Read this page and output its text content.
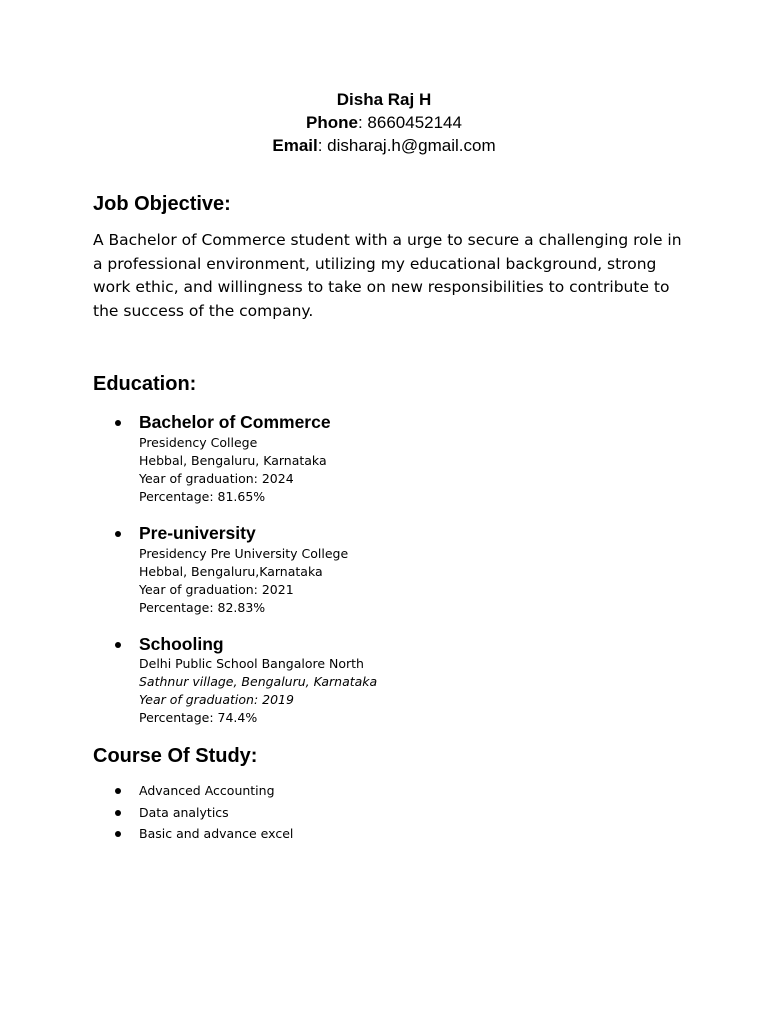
Disha Raj H
Phone: 8660452144
Email: disharaj.h@gmail.com
Job Objective:

A Bachelor of Commerce student with a urge to secure a challenging role in a professional environment, utilizing my educational background, strong work ethic, and willingness to take on new responsibilities to contribute to the success of the company.

Education:
Bachelor of Commerce
Presidency College
Hebbal, Bengaluru, Karnataka
Year of graduation: 2024
Percentage: 81.65%
Pre-university
Presidency Pre University College
Hebbal, Bengaluru,Karnataka
Year of graduation: 2021
Percentage: 82.83%
Schooling
Delhi Public School Bangalore North
Sathnur village, Bengaluru, Karnataka
Year of graduation: 2019
Percentage: 74.4%
Course Of Study:
Advanced Accounting
Data analytics
Basic and advance excel
